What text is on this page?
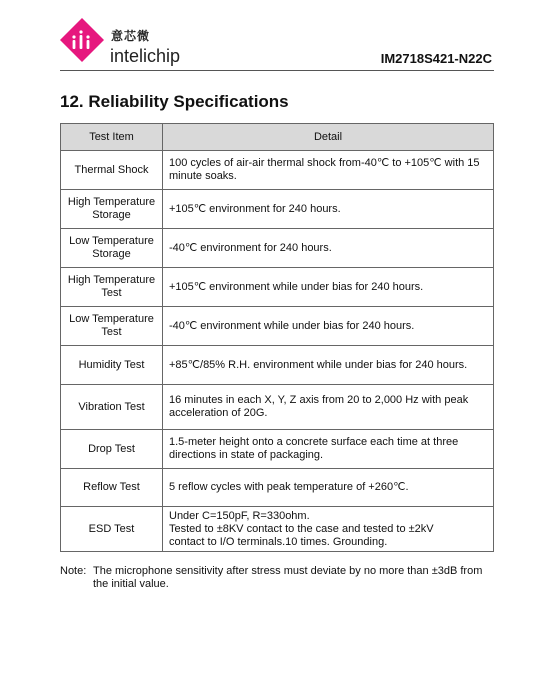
意芯微
intelichip	IM2718S421-N22C
12. Reliability Specifications
Test Item	Detail
Thermal Shock	100 cycles of air-air thermal shock from-40℃ to +105℃ with 15 minute soaks.
High Temperature Storage	+105℃ environment for 240 hours.
Low Temperature Storage	-40℃ environment for 240 hours.
High Temperature Test	+105℃ environment while under bias for 240 hours.
Low Temperature Test	-40℃ environment while under bias for 240 hours.
Humidity Test	+85℃/85% R.H. environment while under bias for 240 hours.
Vibration Test	16 minutes in each X, Y, Z axis from 20 to 2,000 Hz with peak acceleration of 20G.
Drop Test	1.5-meter height onto a concrete surface each time at three directions in state of packaging.
Reflow Test	5 reflow cycles with peak temperature of +260℃.
ESD Test	Under C=150pF, R=330ohm.
Tested to ±8KV contact to the case and tested to ±2kV
contact to I/O terminals.10 times. Grounding.
Note: The microphone sensitivity after stress must deviate by no more than ±3dB from the initial value.
